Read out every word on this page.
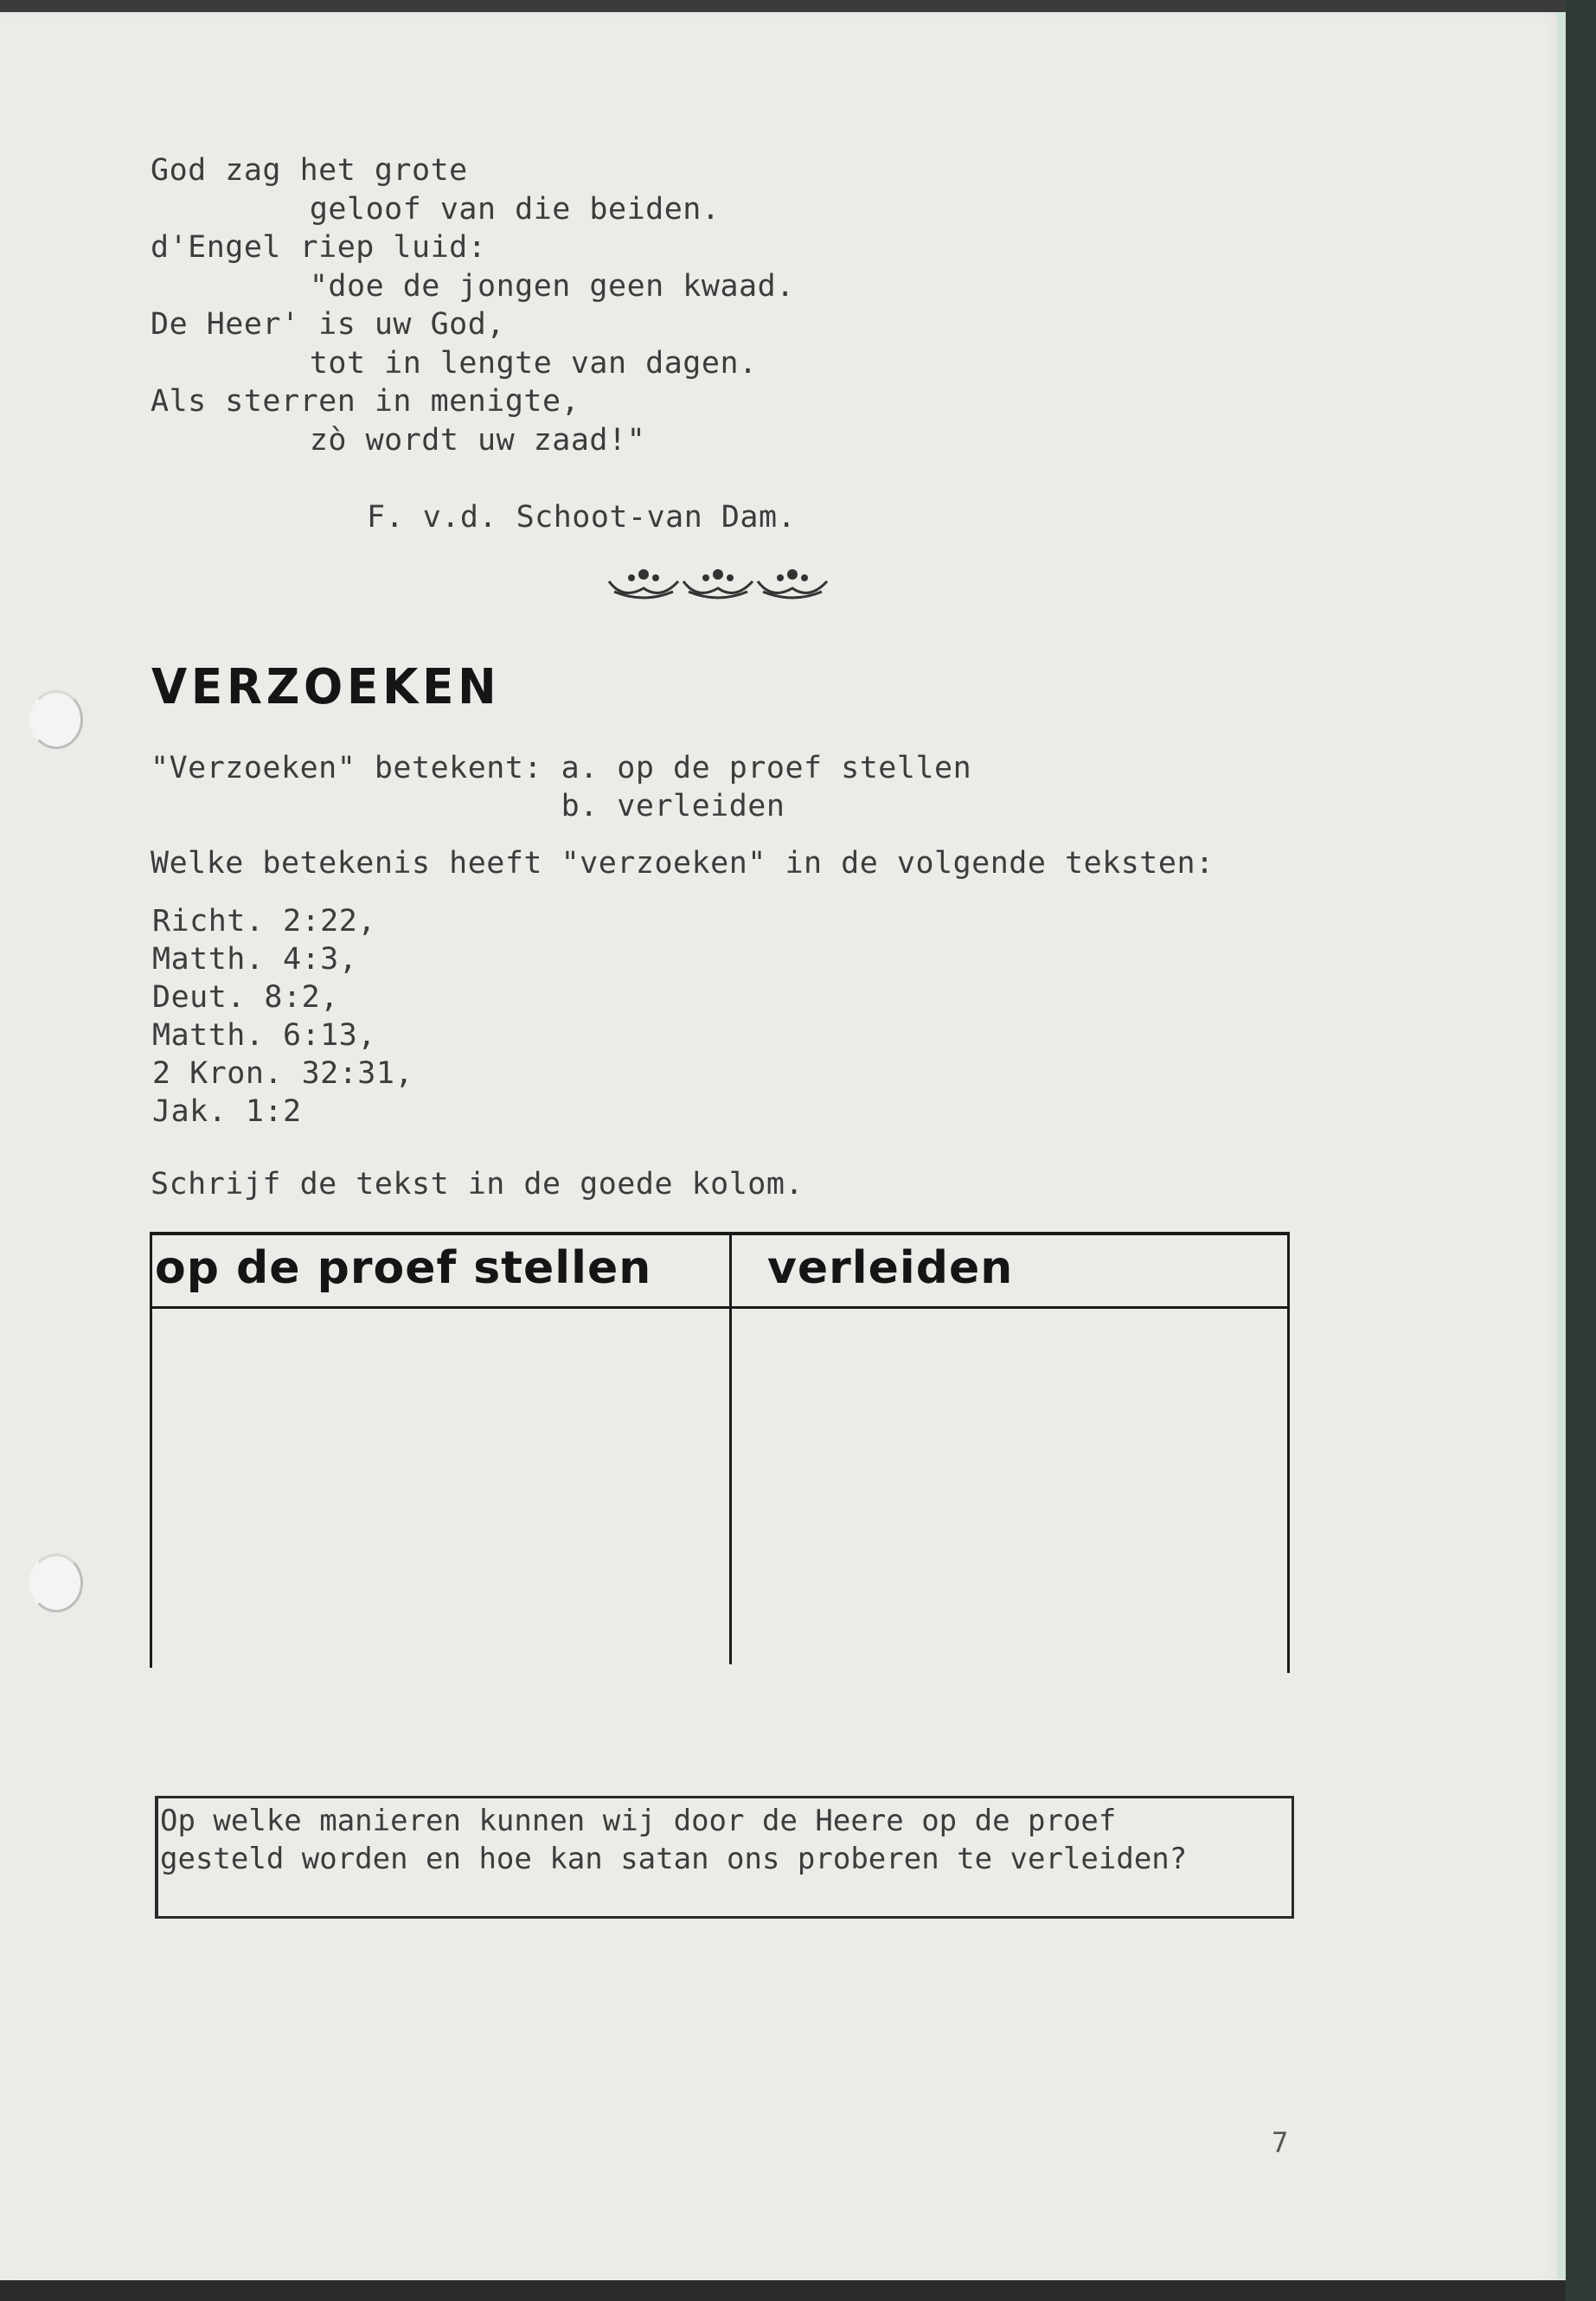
God zag het grote
geloof van die beiden.
d'Engel riep luid:
"doe de jongen geen kwaad.
De Heer' is uw God,
tot in lengte van dagen.
Als sterren in menigte,
zò wordt uw zaad!"
F. v.d. Schoot-van Dam.
VERZOEKEN
"Verzoeken" betekent: a. op de proef stellen
b. verleiden
Welke betekenis heeft "verzoeken" in de volgende teksten:
Richt. 2:22,
Matth. 4:3,
Deut. 8:2,
Matth. 6:13,
2 Kron. 32:31,
Jak. 1:2
Schrijf de tekst in de goede kolom.
op de proef stellen	verleiden
Op welke manieren kunnen wij door de Heere op de proef
gesteld worden en hoe kan satan ons proberen te verleiden?
7
